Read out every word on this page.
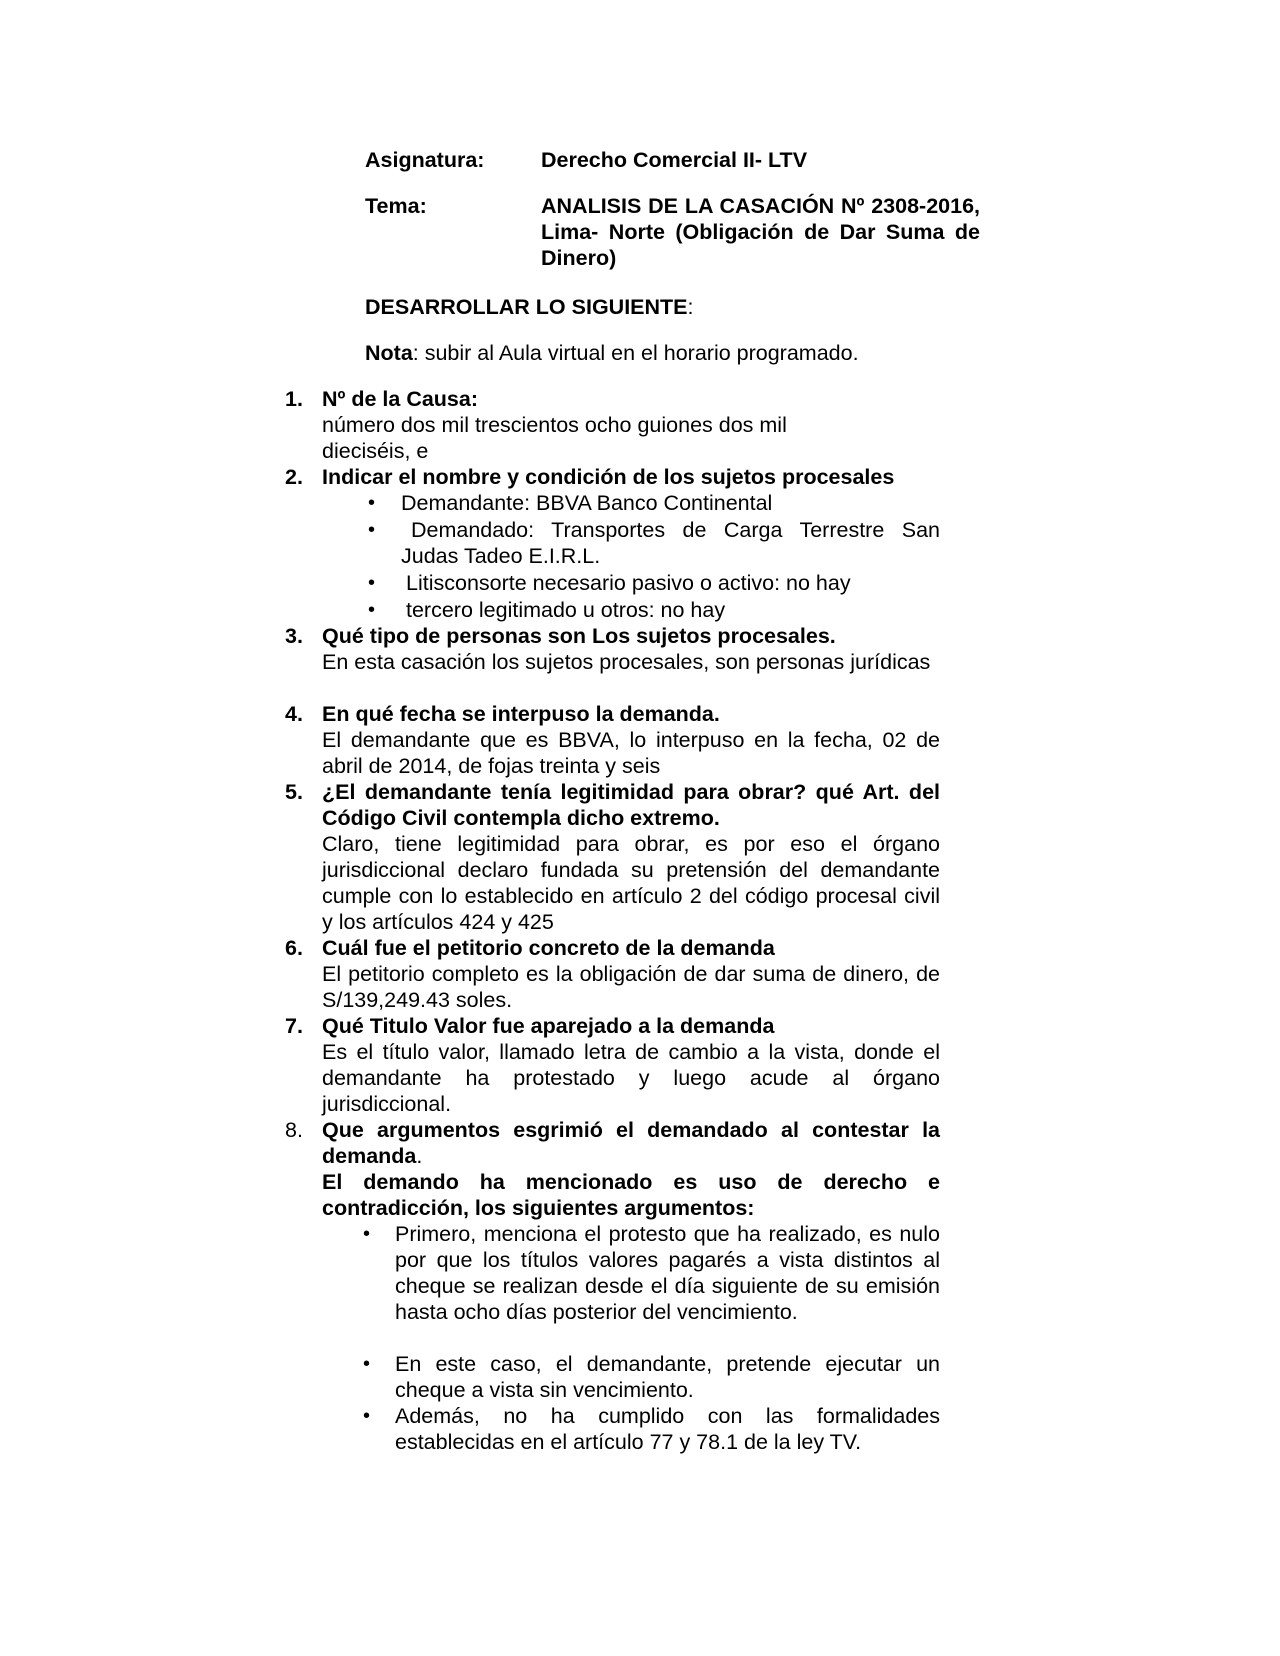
Asignatura:	Derecho Comercial II- LTV
Tema:	ANALISIS DE LA CASACIÓN Nº 2308-2016, Lima- Norte (Obligación de Dar Suma de Dinero)
DESARROLLAR LO SIGUIENTE:
Nota: subir al Aula virtual en el horario programado.
1. Nº de la Causa:
número dos mil trescientos ocho guiones dos mil
dieciséis, e
2. Indicar el nombre y condición de los sujetos procesales
• Demandante: BBVA Banco Continental
•	Demandado: Transportes de Carga Terrestre San Judas Tadeo E.I.R.L.
• Litisconsorte necesario pasivo o activo: no hay
• tercero legitimado u otros: no hay
3. Qué tipo de personas son Los sujetos procesales.
En esta casación los sujetos procesales, son personas jurídicas
4. En qué fecha se interpuso la demanda.
El demandante que es BBVA, lo interpuso en la fecha, 02 de abril de 2014, de fojas treinta y seis
5. ¿El demandante tenía legitimidad para obrar? qué Art. del Código Civil contempla dicho extremo.
Claro, tiene legitimidad para obrar, es por eso el órgano jurisdiccional declaro fundada su pretensión del demandante cumple con lo establecido en artículo 2 del código procesal civil y los artículos 424 y 425
6. Cuál fue el petitorio concreto de la demanda
El petitorio completo es la obligación de dar suma de dinero, de S/139,249.43 soles.
7. Qué Titulo Valor fue aparejado a la demanda
Es el título valor, llamado letra de cambio a la vista, donde el demandante ha protestado y luego acude al órgano jurisdiccional.
8. Que argumentos esgrimió el demandado al contestar la demanda.
El demando ha mencionado es uso de derecho e contradicción, los siguientes argumentos:
• Primero, menciona el protesto que ha realizado, es nulo por que los títulos valores pagarés a vista distintos al cheque se realizan desde el día siguiente de su emisión hasta ocho días posterior del vencimiento.
• En este caso, el demandante, pretende ejecutar un cheque a vista sin vencimiento.
• Además, no ha cumplido con las formalidades establecidas en el artículo 77 y 78.1 de la ley TV.
